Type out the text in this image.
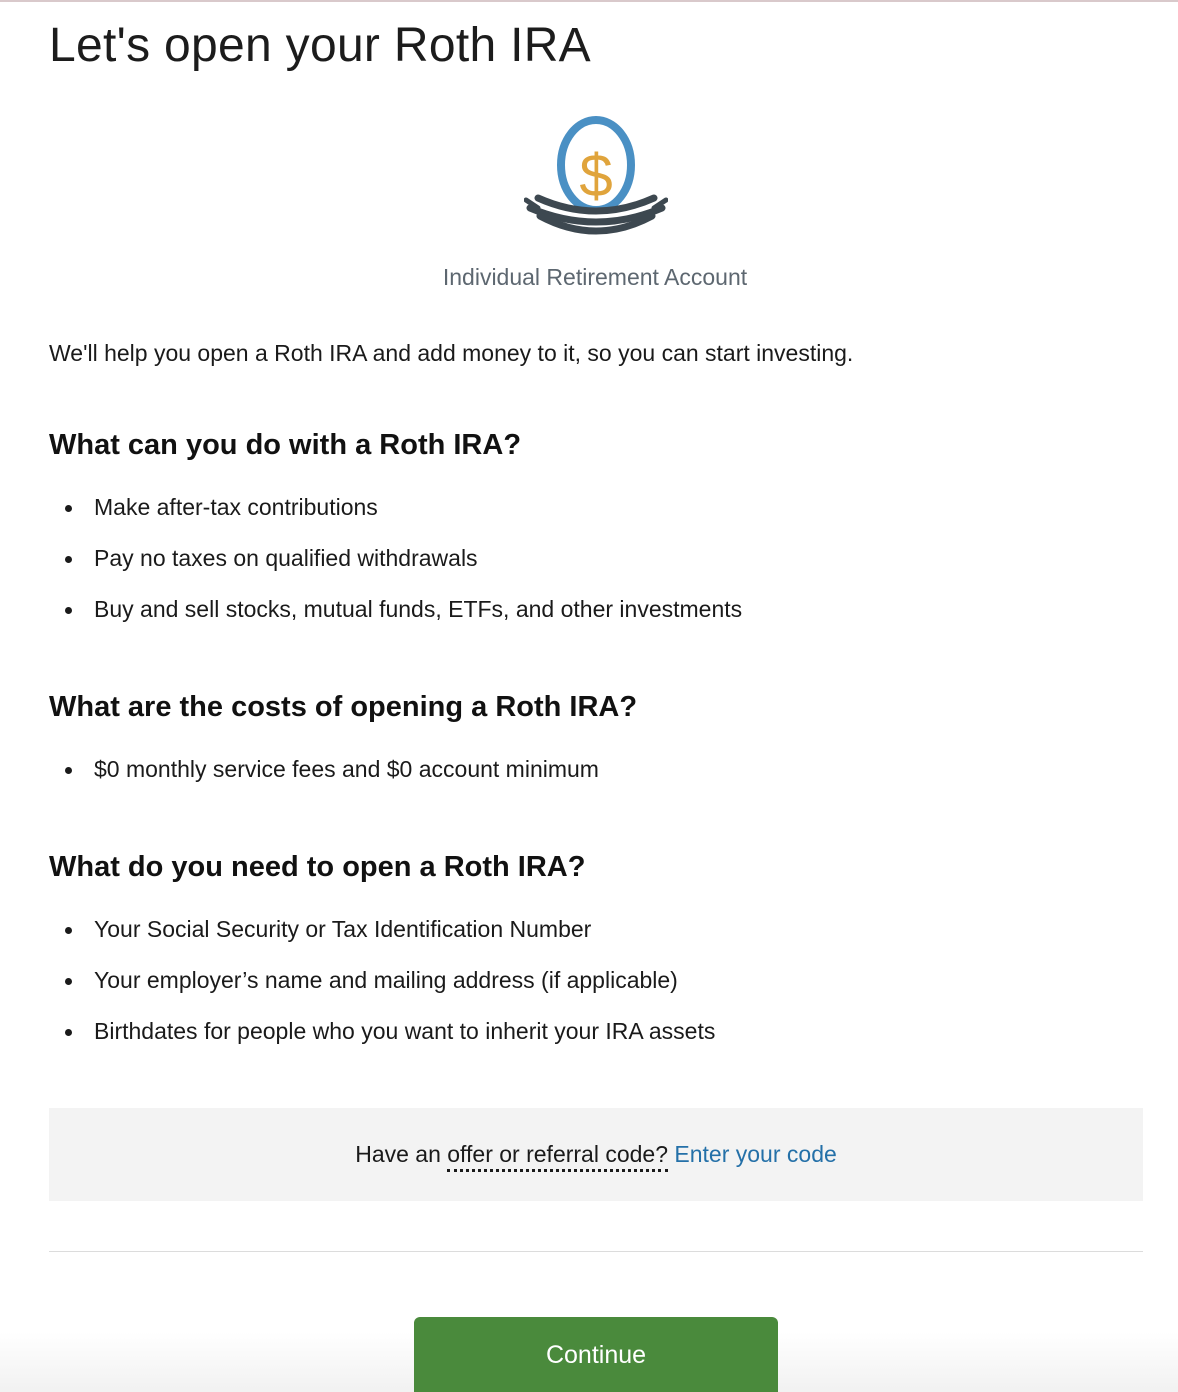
Let's open your Roth IRA
$
Individual Retirement Account

We'll help you open a Roth IRA and add money to it, so you can start investing.

What can you do with a Roth IRA?
Make after-tax contributions
Pay no taxes on qualified withdrawals
Buy and sell stocks, mutual funds, ETFs, and other investments
What are the costs of opening a Roth IRA?
$0 monthly service fees and $0 account minimum
What do you need to open a Roth IRA?
Your Social Security or Tax Identification Number
Your employer’s name and mailing address (if applicable)
Birthdates for people who you want to inherit your IRA assets
Have an offer or referral code? Enter your code
Continue
